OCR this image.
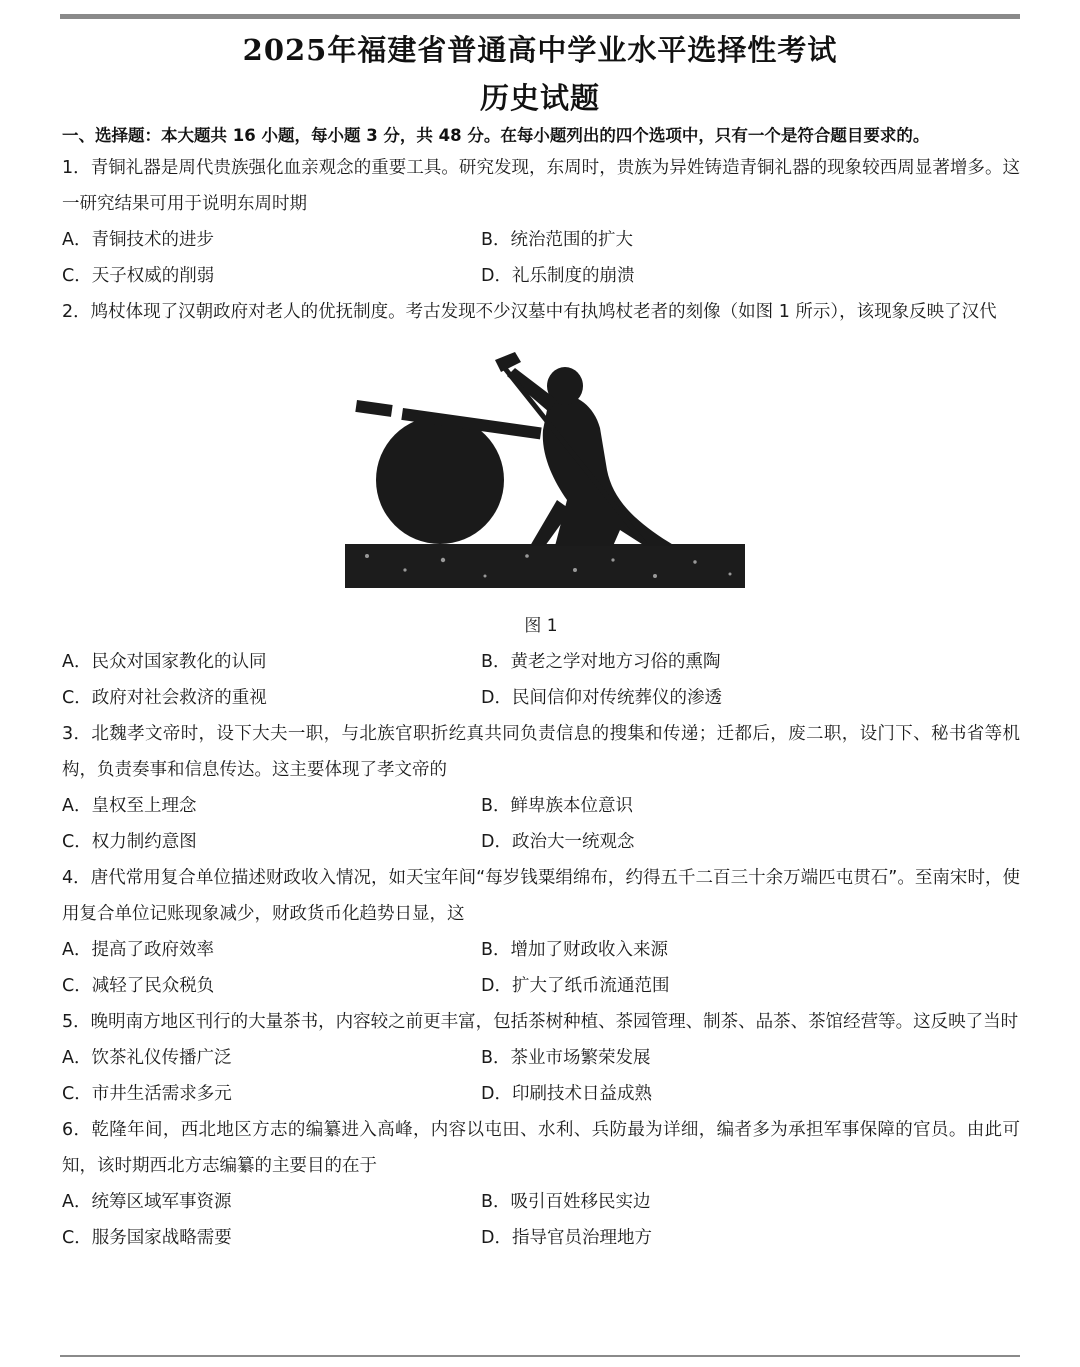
2025年福建省普通高中学业水平选择性考试
历史试题
一、选择题：本大题共 16 小题，每小题 3 分，共 48 分。在每小题列出的四个选项中，只有一个是符合题目要求的。

1．青铜礼器是周代贵族强化血亲观念的重要工具。研究发现，东周时，贵族为异姓铸造青铜礼器的现象较西周显著增多。这一研究结果可用于说明东周时期

A．青铜技术的进步	B．统治范围的扩大
C．天子权威的削弱	D．礼乐制度的崩溃

2．鸠杖体现了汉朝政府对老人的优抚制度。考古发现不少汉墓中有执鸠杖老者的刻像（如图 1 所示），该现象反映了汉代

图 1
A．民众对国家教化的认同	B．黄老之学对地方习俗的熏陶
C．政府对社会救济的重视	D．民间信仰对传统葬仪的渗透

3．北魏孝文帝时，设下大夫一职，与北族官职折纥真共同负责信息的搜集和传递；迁都后，废二职，设门下、秘书省等机构，负责奏事和信息传达。这主要体现了孝文帝的

A．皇权至上理念	B．鲜卑族本位意识
C．权力制约意图	D．政治大一统观念

4．唐代常用复合单位描述财政收入情况，如天宝年间“每岁钱粟绢绵布，约得五千二百三十余万端匹屯贯石”。至南宋时，使用复合单位记账现象减少，财政货币化趋势日显，这

A．提高了政府效率	B．增加了财政收入来源
C．减轻了民众税负	D．扩大了纸币流通范围

5．晚明南方地区刊行的大量茶书，内容较之前更丰富，包括茶树种植、茶园管理、制茶、品茶、茶馆经营等。这反映了当时

A．饮茶礼仪传播广泛	B．茶业市场繁荣发展
C．市井生活需求多元	D．印刷技术日益成熟

6．乾隆年间，西北地区方志的编纂进入高峰，内容以屯田、水利、兵防最为详细，编者多为承担军事保障的官员。由此可知，该时期西北方志编纂的主要目的在于

A．统筹区域军事资源	B．吸引百姓移民实边
C．服务国家战略需要	D．指导官员治理地方
